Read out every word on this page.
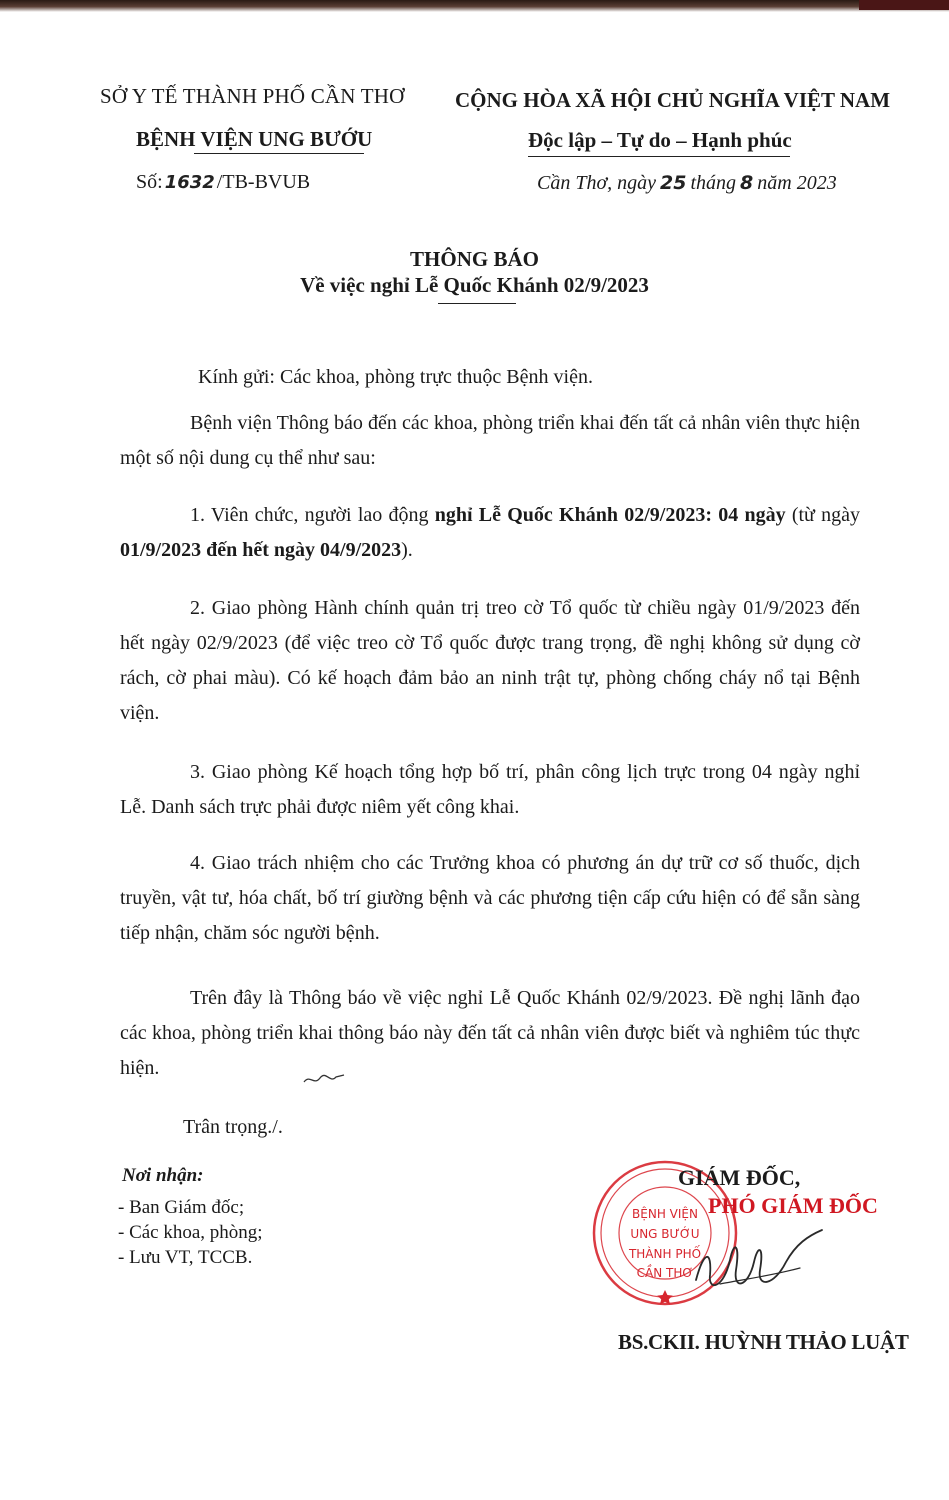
SỞ Y TẾ THÀNH PHỐ CẦN THƠ
BỆNH VIỆN UNG BƯỚU
Số: 1632 /TB-BVUB
CỘNG HÒA XÃ HỘI CHỦ NGHĨA VIỆT NAM
Độc lập – Tự do – Hạnh phúc
Cần Thơ, ngày 25 tháng 8 năm 2023
THÔNG BÁO
Về việc nghỉ Lễ Quốc Khánh 02/9/2023
Kính gửi: Các khoa, phòng trực thuộc Bệnh viện.

Bệnh viện Thông báo đến các khoa, phòng triển khai đến tất cả nhân viên thực hiện một số nội dung cụ thể như sau:

1. Viên chức, người lao động nghỉ Lễ Quốc Khánh 02/9/2023: 04 ngày (từ ngày 01/9/2023 đến hết ngày 04/9/2023).

2. Giao phòng Hành chính quản trị treo cờ Tổ quốc từ chiều ngày 01/9/2023 đến hết ngày 02/9/2023 (để việc treo cờ Tổ quốc được trang trọng, đề nghị không sử dụng cờ rách, cờ phai màu). Có kế hoạch đảm bảo an ninh trật tự, phòng chống cháy nổ tại Bệnh viện.

3. Giao phòng Kế hoạch tổng hợp bố trí, phân công lịch trực trong 04 ngày nghỉ Lễ. Danh sách trực phải được niêm yết công khai.

4. Giao trách nhiệm cho các Trưởng khoa có phương án dự trữ cơ số thuốc, dịch truyền, vật tư, hóa chất, bố trí giường bệnh và các phương tiện cấp cứu hiện có để sẵn sàng tiếp nhận, chăm sóc người bệnh.

Trên đây là Thông báo về việc nghỉ Lễ Quốc Khánh 02/9/2023. Đề nghị lãnh đạo các khoa, phòng triển khai thông báo này đến tất cả nhân viên được biết và nghiêm túc thực hiện.

Trân trọng./.
Nơi nhận:
- Ban Giám đốc;
- Các khoa, phòng;
- Lưu VT, TCCB.
BỆNH VIỆN
UNG BƯỚU
THÀNH PHỐ
CẦN THƠ
GIÁM ĐỐC,
PHÓ GIÁM ĐỐC
BS.CKII. HUỲNH THẢO LUẬT
